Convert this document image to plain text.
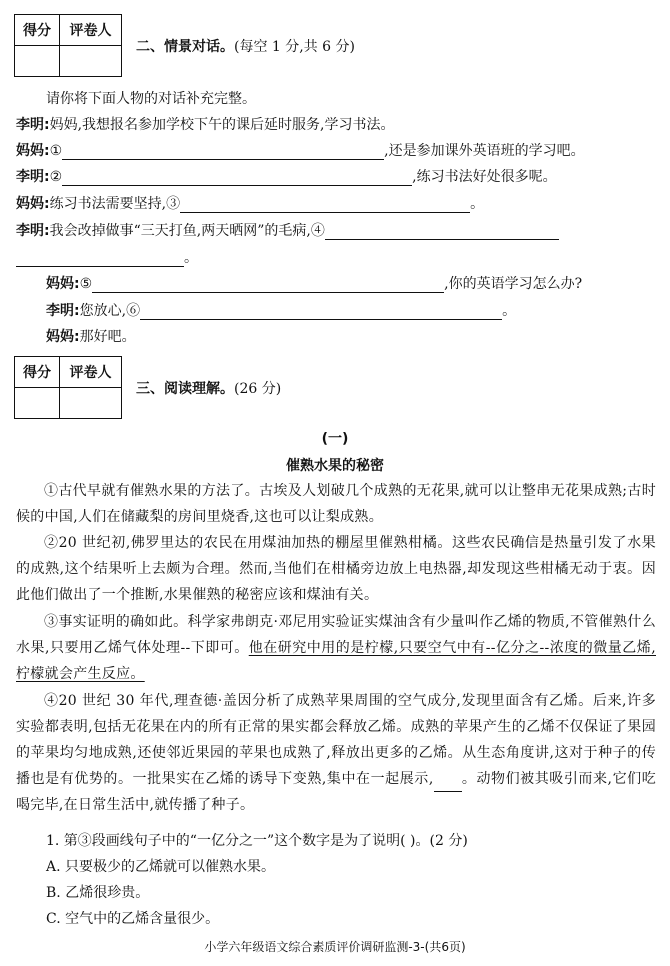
得分	评卷人

二、情景对话。(每空 1 分,共 6 分)
请你将下面人物的对话补充完整。
李明:妈妈,我想报名参加学校下午的课后延时服务,学习书法。
妈妈:①	,还是参加课外英语班的学习吧。
李明:②	,练习书法好处很多呢。
妈妈:练习书法需要坚持,③	。
李明:我会改掉做事“三天打鱼,两天晒网”的毛病,④
。
妈妈:⑤	,你的英语学习怎么办?
李明:您放心,⑥	。
妈妈:那好吧。
得分	评卷人

三、阅读理解。(26 分)
(一)
催熟水果的秘密
①古代早就有催熟水果的方法了。古埃及人划破几个成熟的无花果,就可以让整串无花果成熟;古时候的中国,人们在储藏梨的房间里烧香,这也可以让梨成熟。
②20 世纪初,佛罗里达的农民在用煤油加热的棚屋里催熟柑橘。这些农民确信是热量引发了水果的成熟,这个结果听上去颇为合理。然而,当他们在柑橘旁边放上电热器,却发现这些柑橘无动于衷。因此他们做出了一个推断,水果催熟的秘密应该和煤油有关。
③事实证明的确如此。科学家弗朗克·邓尼用实验证实煤油含有少量叫作乙烯的物质,不管催熟什么水果,只要用乙烯气体处理--下即可。他在研究中用的是柠檬,只要空气中有--亿分之--浓度的微量乙烯,柠檬就会产生反应。
④20 世纪 30 年代,理查德·盖因分析了成熟苹果周围的空气成分,发现里面含有乙烯。后来,许多实验都表明,包括无花果在内的所有正常的果实都会释放乙烯。成熟的苹果产生的乙烯不仅保证了果园的苹果均匀地成熟,还使邻近果园的苹果也成熟了,释放出更多的乙烯。从生态角度讲,这对于种子的传播也是有优势的。一批果实在乙烯的诱导下变熟,集中在一起展示, 。动物们被其吸引而来,它们吃喝完毕,在日常生活中,就传播了种子。
1. 第③段画线句子中的“一亿分之一”这个数字是为了说明( )。(2 分)
A. 只要极少的乙烯就可以催熟水果。
B. 乙烯很珍贵。
C. 空气中的乙烯含量很少。
小学六年级语文综合素质评价调研监测-3-(共6页)
